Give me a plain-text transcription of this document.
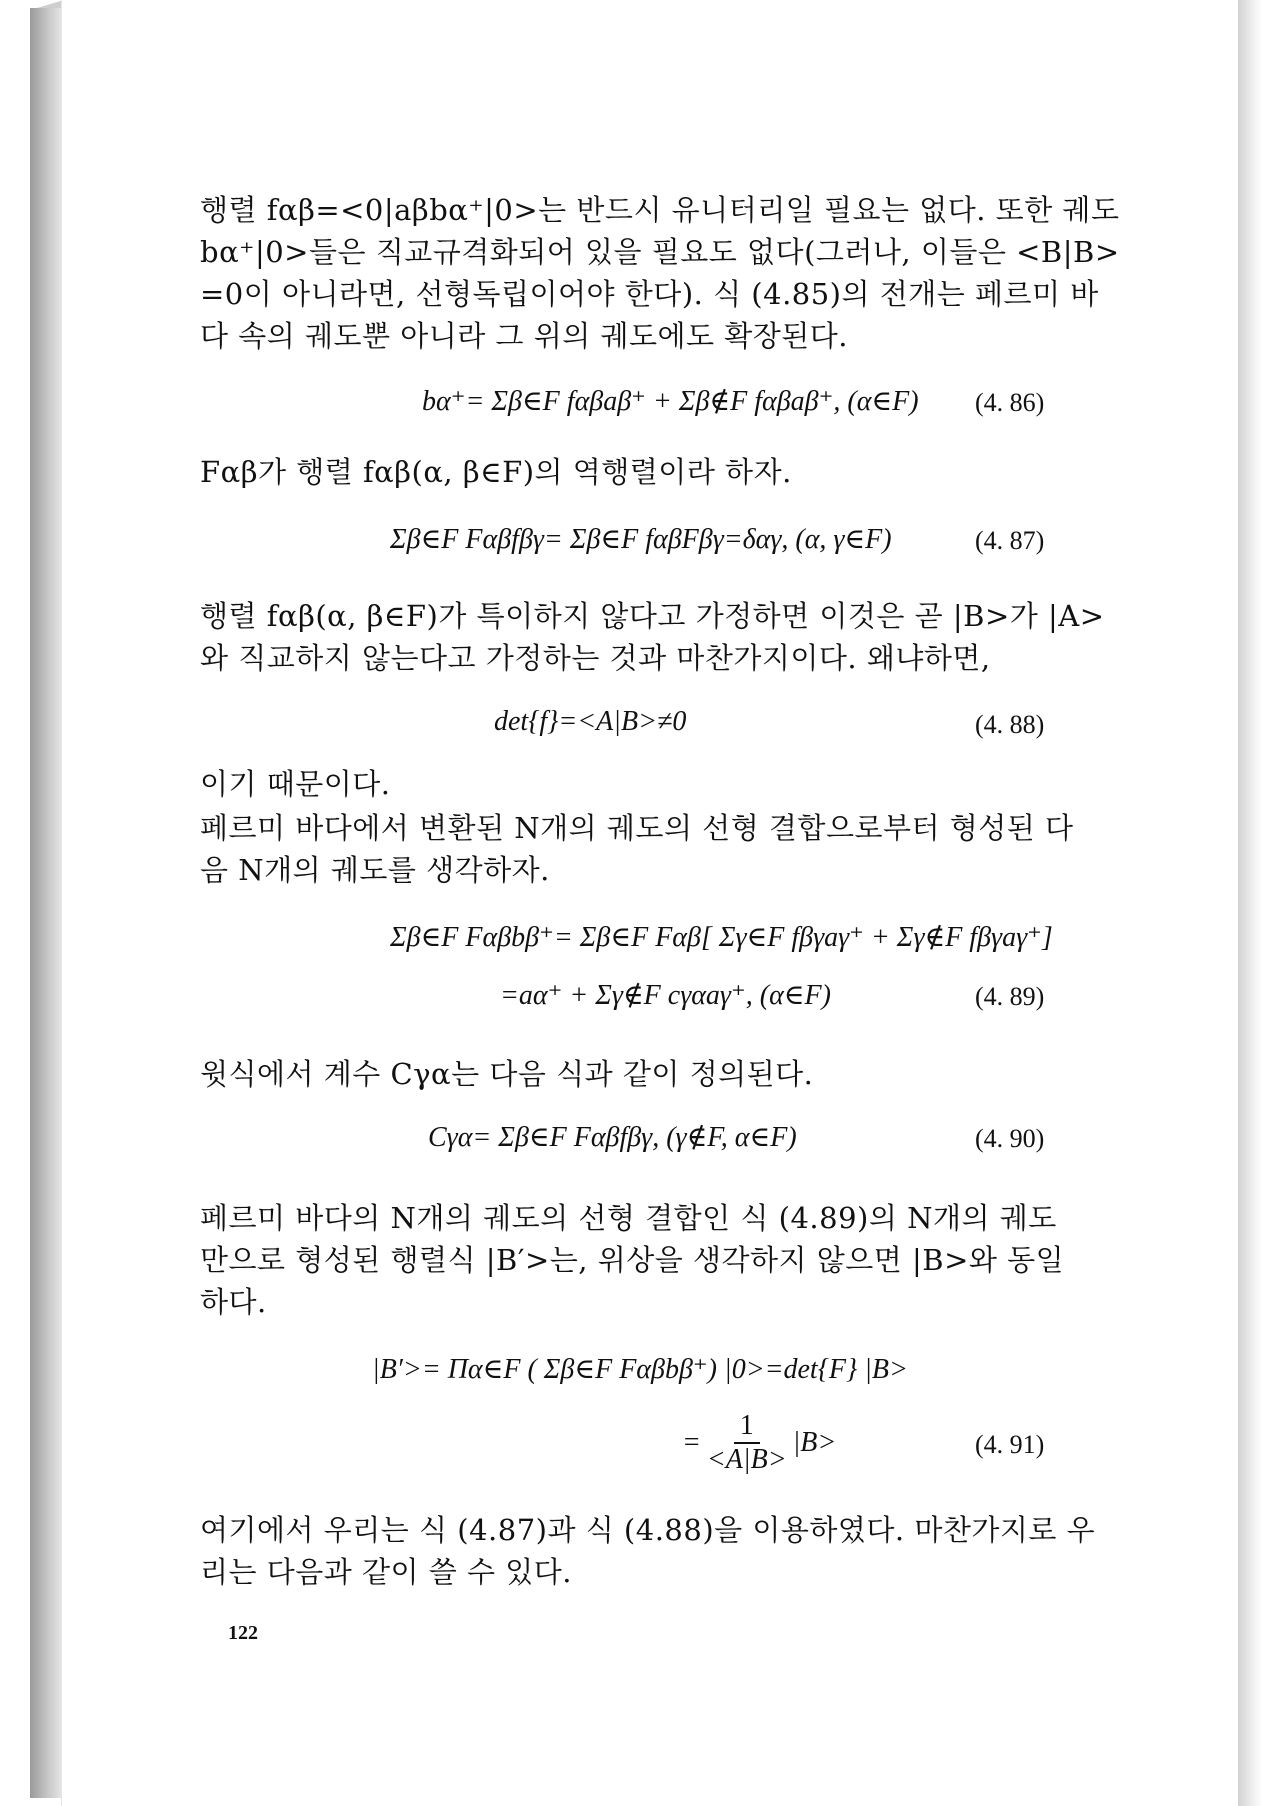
행렬 fαβ=<0|aβbα⁺|0>는 반드시 유니터리일 필요는 없다. 또한 궤도

bα⁺|0>들은 직교규격화되어 있을 필요도 없다(그러나, 이들은 <B|B>

=0이 아니라면, 선형독립이어야 한다). 식 (4.85)의 전개는 페르미 바

다 속의 궤도뿐 아니라 그 위의 궤도에도 확장된다.

bα⁺= Σβ∈F fαβaβ⁺ + Σβ∉F fαβaβ⁺, (α∈F) (4. 86)

Fαβ가 행렬 fαβ(α, β∈F)의 역행렬이라 하자.

Σβ∈F Fαβfβγ= Σβ∈F fαβFβγ=δαγ, (α, γ∈F)	(4. 87)

행렬 fαβ(α, β∈F)가 특이하지 않다고 가정하면 이것은 곧 |B>가 |A>

와 직교하지 않는다고 가정하는 것과 마찬가지이다. 왜냐하면,

det{f}=<A|B>≠0	(4. 88)

이기 때문이다.

페르미 바다에서 변환된 N개의 궤도의 선형 결합으로부터 형성된 다

음 N개의 궤도를 생각하자.

Σβ∈F Fαβbβ⁺= Σβ∈F Fαβ[ Σγ∈F fβγaγ⁺ + Σγ∉F fβγaγ⁺]

=aα⁺ + Σγ∉F cγαaγ⁺, (α∈F)	(4. 89)

윗식에서 계수 Cγα는 다음 식과 같이 정의된다.

Cγα= Σβ∈F Fαβfβγ, (γ∉F, α∈F)	(4. 90)

페르미 바다의 N개의 궤도의 선형 결합인 식 (4.89)의 N개의 궤도

만으로 형성된 행렬식 |B′>는, 위상을 생각하지 않으면 |B>와 동일

하다.

|B′>= Πα∈F ( Σβ∈F Fαβbβ⁺) |0>=det{F} |B>

= $\frac{1}{<A|B>} |B>$	(4. 91)

여기에서 우리는 식 (4.87)과 식 (4.88)을 이용하였다. 마찬가지로 우

리는 다음과 같이 쓸 수 있다.

122
